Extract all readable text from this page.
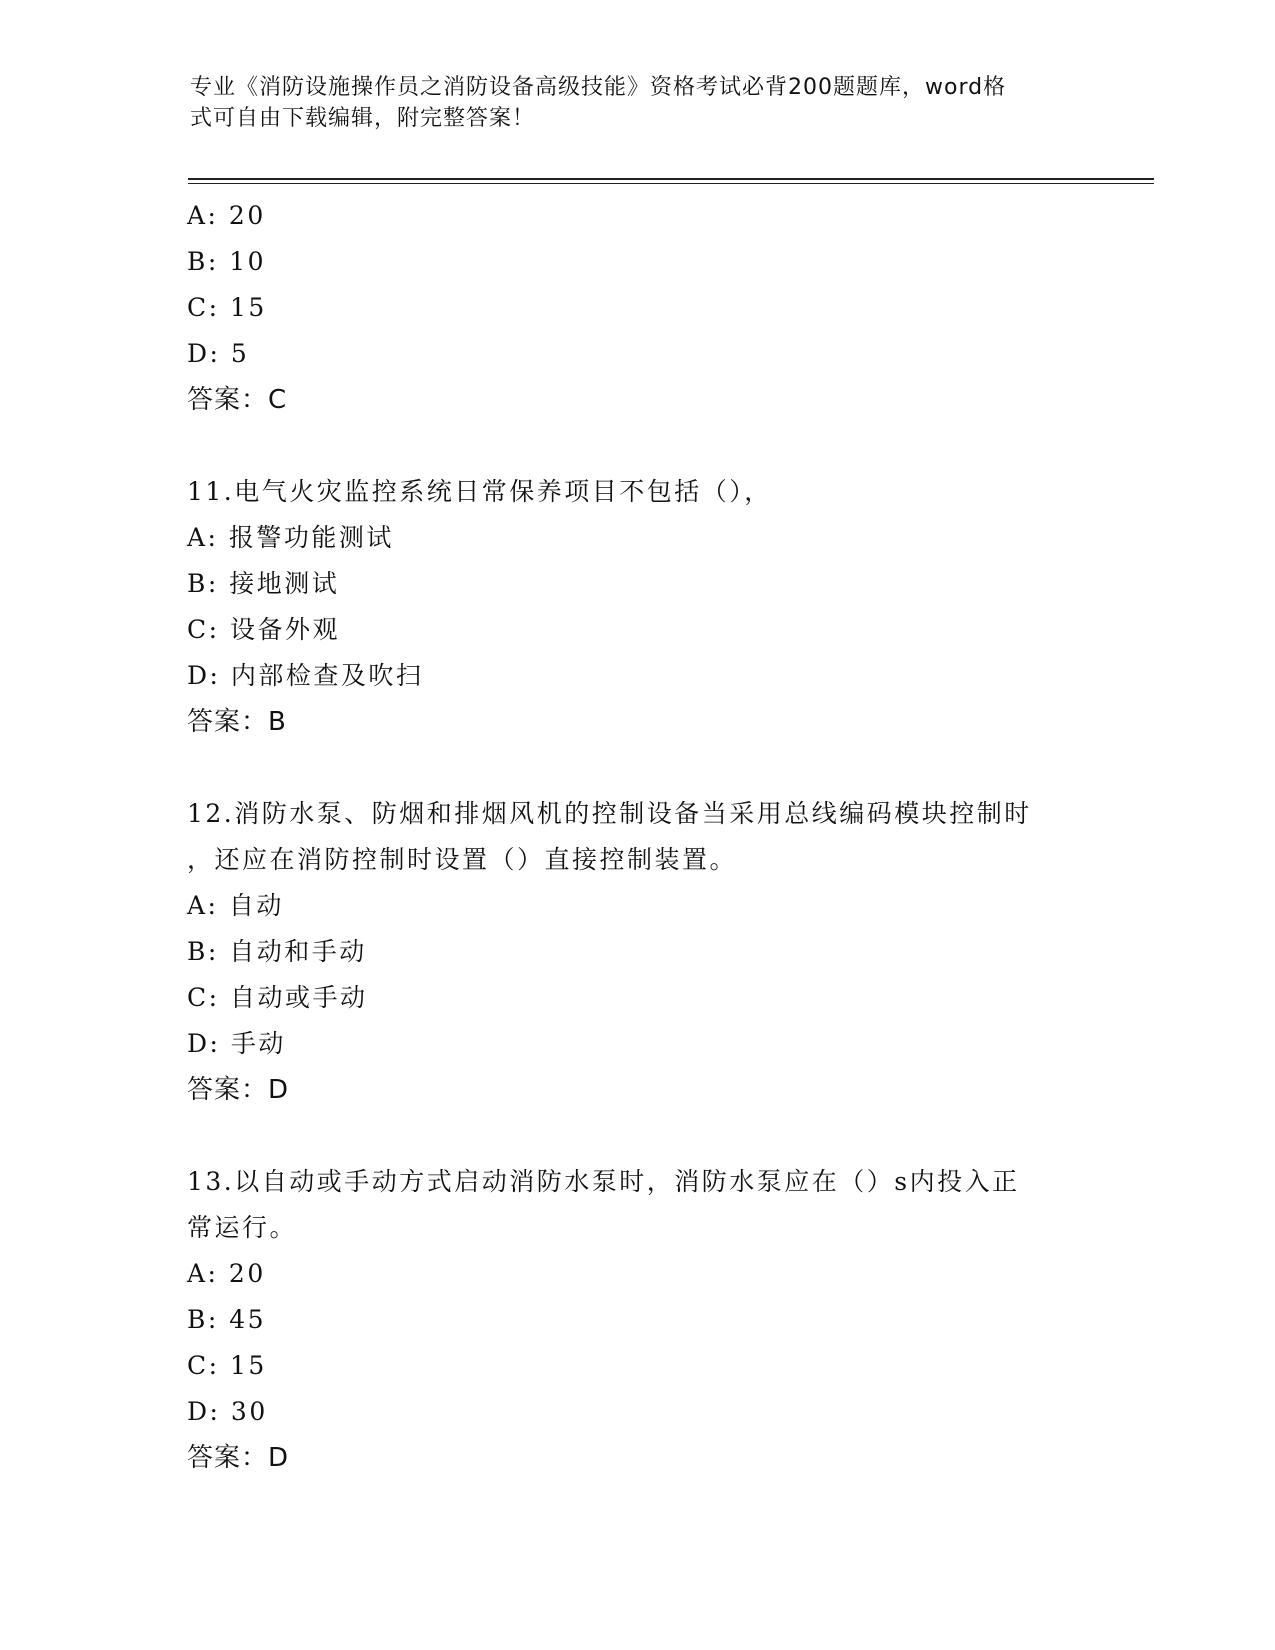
专业《消防设施操作员之消防设备高级技能》资格考试必背200题题库，word格
式可自由下载编辑，附完整答案！
A: 20
B: 10
C: 15
D: 5
答案：C
11.电气火灾监控系统日常保养项目不包括（），
A: 报警功能测试
B: 接地测试
C: 设备外观
D: 内部检查及吹扫
答案：B
12.消防水泵、防烟和排烟风机的控制设备当采用总线编码模块控制时
，还应在消防控制时设置（）直接控制装置。
A: 自动
B: 自动和手动
C: 自动或手动
D: 手动
答案：D
13.以自动或手动方式启动消防水泵时，消防水泵应在（）s内投入正
常运行。
A: 20
B: 45
C: 15
D: 30
答案：D
